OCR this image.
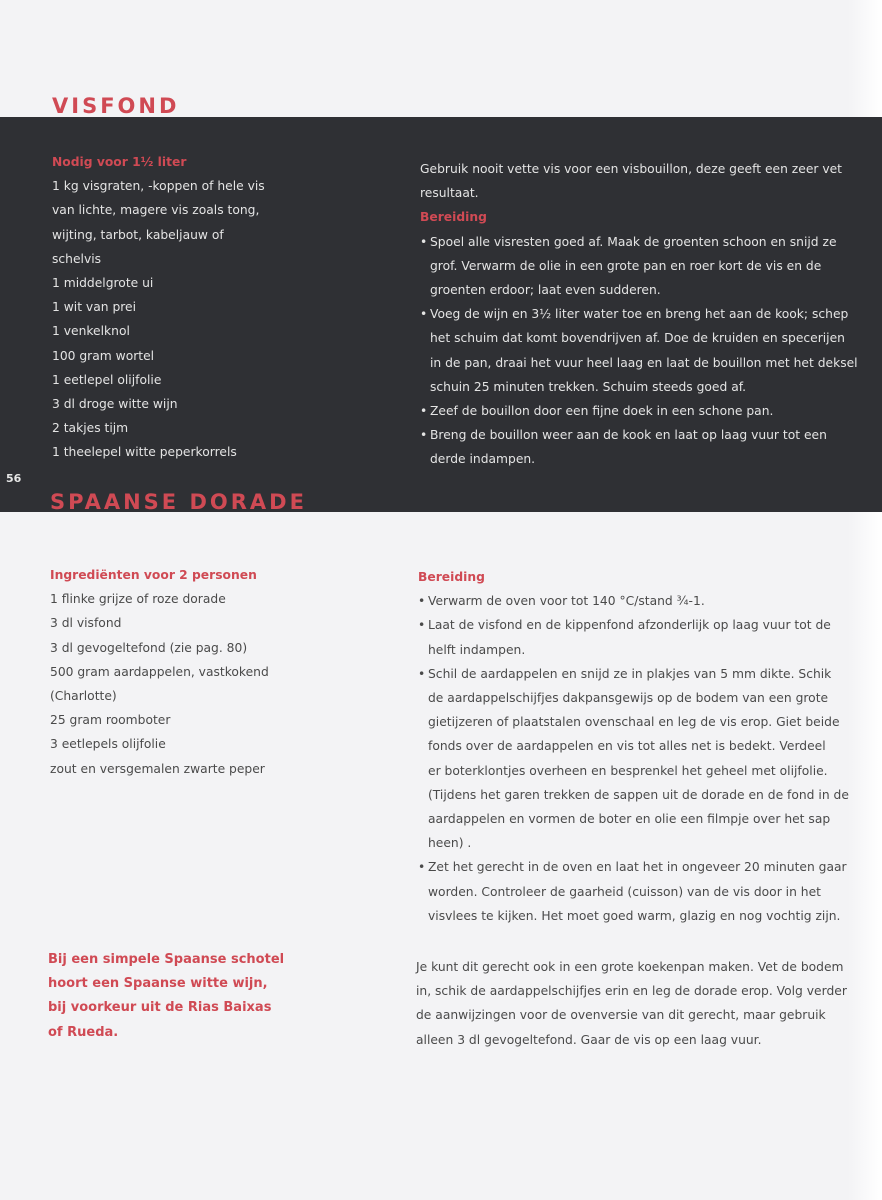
VISFOND
Nodig voor 1½ liter
1 kg visgraten, -koppen of hele vis
van lichte, magere vis zoals tong,
wijting, tarbot, kabeljauw of
schelvis
1 middelgrote ui
1 wit van prei
1 venkelknol
100 gram wortel
1 eetlepel olijfolie
3 dl droge witte wijn
2 takjes tijm
1 theelepel witte peperkorrels
Gebruik nooit vette vis voor een visbouillon, deze geeft een zeer vet
resultaat.
Bereiding
• Spoel alle visresten goed af. Maak de groenten schoon en snijd ze
grof. Verwarm de olie in een grote pan en roer kort de vis en de
groenten erdoor; laat even sudderen.
• Voeg de wijn en 3½ liter water toe en breng het aan de kook; schep
het schuim dat komt bovendrijven af. Doe de kruiden en specerijen
in de pan, draai het vuur heel laag en laat de bouillon met het deksel
schuin 25 minuten trekken. Schuim steeds goed af.
• Zeef de bouillon door een fijne doek in een schone pan.
• Breng de bouillon weer aan de kook en laat op laag vuur tot een
derde indampen.
56
SPAANSE DORADE
Ingrediënten voor 2 personen
1 flinke grijze of roze dorade
3 dl visfond
3 dl gevogeltefond (zie pag. 80)
500 gram aardappelen, vastkokend
(Charlotte)
25 gram roomboter
3 eetlepels olijfolie
zout en versgemalen zwarte peper
Bereiding
• Verwarm de oven voor tot 140 °C/stand ¾-1.
• Laat de visfond en de kippenfond afzonderlijk op laag vuur tot de
helft indampen.
• Schil de aardappelen en snijd ze in plakjes van 5 mm dikte. Schik
de aardappelschijfjes dakpansgewijs op de bodem van een grote
gietijzeren of plaatstalen ovenschaal en leg de vis erop. Giet beide
fonds over de aardappelen en vis tot alles net is bedekt. Verdeel
er boterklontjes overheen en besprenkel het geheel met olijfolie.
(Tijdens het garen trekken de sappen uit de dorade en de fond in de
aardappelen en vormen de boter en olie een filmpje over het sap
heen) .
• Zet het gerecht in de oven en laat het in ongeveer 20 minuten gaar
worden. Controleer de gaarheid (cuisson) van de vis door in het
visvlees te kijken. Het moet goed warm, glazig en nog vochtig zijn.
Je kunt dit gerecht ook in een grote koekenpan maken. Vet de bodem
in, schik de aardappelschijfjes erin en leg de dorade erop. Volg verder
de aanwijzingen voor de ovenversie van dit gerecht, maar gebruik
alleen 3 dl gevogeltefond. Gaar de vis op een laag vuur.
Bij een simpele Spaanse schotel
hoort een Spaanse witte wijn,
bij voorkeur uit de Rias Baixas
of Rueda.
